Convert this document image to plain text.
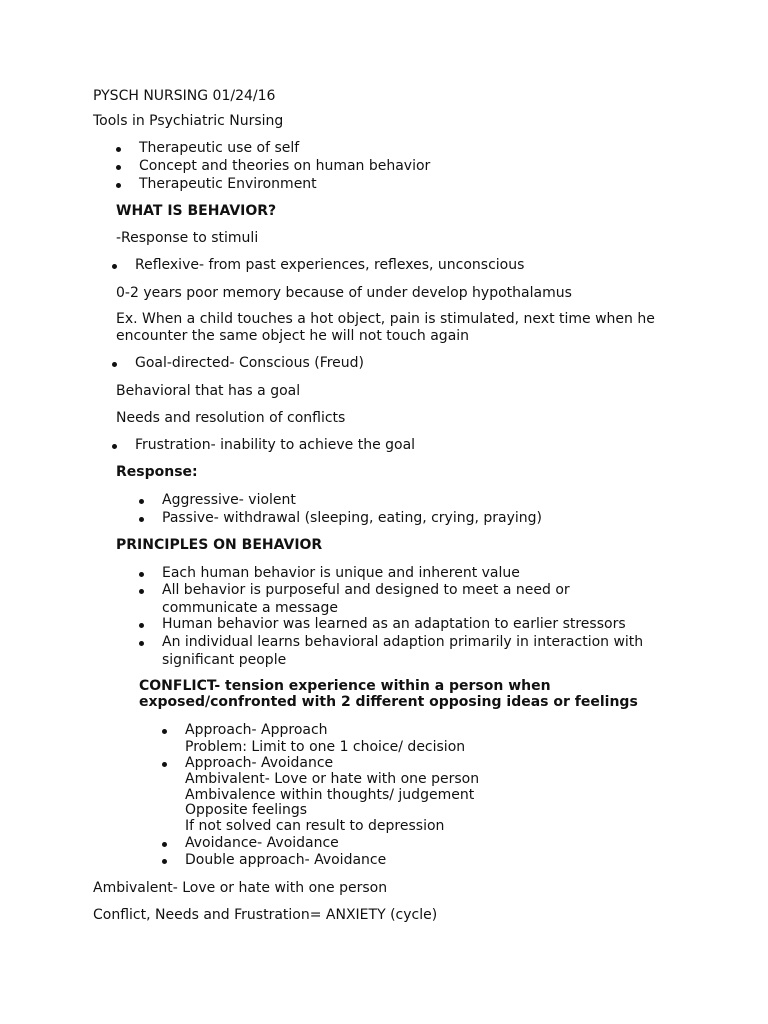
PYSCH NURSING 01/24/16
Tools in Psychiatric Nursing
Therapeutic use of self
Concept and theories on human behavior
Therapeutic Environment
WHAT IS BEHAVIOR?
-Response to stimuli
Reflexive- from past experiences, reflexes, unconscious
0-2 years poor memory because of under develop hypothalamus
Ex. When a child touches a hot object, pain is stimulated, next time when he
encounter the same object he will not touch again
Goal-directed- Conscious (Freud)
Behavioral that has a goal
Needs and resolution of conflicts
Frustration- inability to achieve the goal
Response:
Aggressive- violent
Passive- withdrawal (sleeping, eating, crying, praying)
PRINCIPLES ON BEHAVIOR
Each human behavior is unique and inherent value
All behavior is purposeful and designed to meet a need or
communicate a message
Human behavior was learned as an adaptation to earlier stressors
An individual learns behavioral adaption primarily in interaction with
significant people
CONFLICT- tension experience within a person when
exposed/confronted with 2 different opposing ideas or feelings
Approach- Approach
Problem: Limit to one 1 choice/ decision
Approach- Avoidance
Ambivalent- Love or hate with one person
Ambivalence within thoughts/ judgement
Opposite feelings
If not solved can result to depression
Avoidance- Avoidance
Double approach- Avoidance
Ambivalent- Love or hate with one person
Conflict, Needs and Frustration= ANXIETY (cycle)
